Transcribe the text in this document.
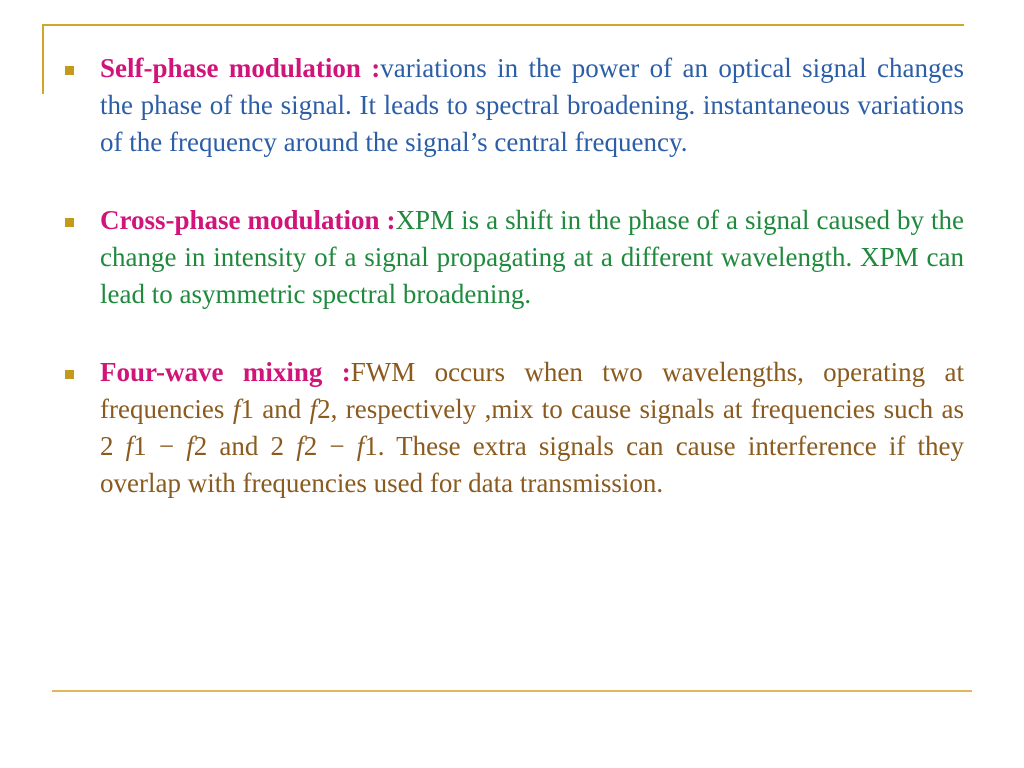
Self-phase modulation :variations in the power of an optical signal changes the phase of the signal. It leads to spectral broadening. instantaneous variations of the frequency around the signal’s central frequency.

Cross-phase modulation :XPM is a shift in the phase of a signal caused by the change in intensity of a signal propagating at a different wavelength. XPM can lead to asymmetric spectral broadening.

Four-wave mixing :FWM occurs when two wavelengths, operating at frequencies f1 and f2, respectively ,mix to cause signals at frequencies such as 2 f1 − f2 and 2 f2 − f1. These extra signals can cause interference if they overlap with frequencies used for data transmission.
